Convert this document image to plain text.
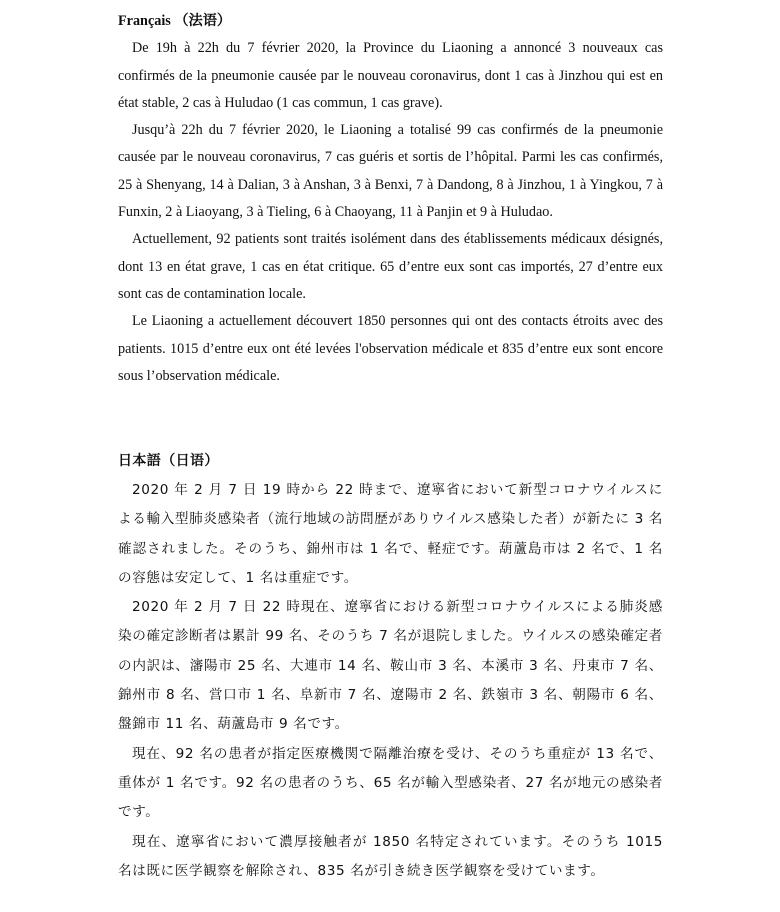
Français （法语）

De 19h à 22h du 7 février 2020, la Province du Liaoning a annoncé 3 nouveaux cas confirmés de la pneumonie causée par le nouveau coronavirus, dont 1 cas à Jinzhou qui est en état stable, 2 cas à Huludao (1 cas commun, 1 cas grave).

Jusqu’à 22h du 7 février 2020, le Liaoning a totalisé 99 cas confirmés de la pneumonie causée par le nouveau coronavirus, 7 cas guéris et sortis de l’hôpital. Parmi les cas confirmés, 25 à Shenyang, 14 à Dalian, 3 à Anshan, 3 à Benxi, 7 à Dandong, 8 à Jinzhou, 1 à Yingkou, 7 à Funxin, 2 à Liaoyang, 3 à Tieling, 6 à Chaoyang, 11 à Panjin et 9 à Huludao.

Actuellement, 92 patients sont traités isolément dans des établissements médicaux désignés, dont 13 en état grave, 1 cas en état critique. 65 d’entre eux sont cas importés, 27 d’entre eux sont cas de contamination locale.

Le Liaoning a actuellement découvert 1850 personnes qui ont des contacts étroits avec des patients. 1015 d’entre eux ont été levées l'observation médicale et 835 d’entre eux sont encore sous l’observation médicale.

日本語（日语）

2020 年 2 月 7 日 19 時から 22 時まで、遼寧省において新型コロナウイルスによる輸入型肺炎感染者（流行地域の訪問歴がありウイルス感染した者）が新たに 3 名確認されました。そのうち、錦州市は 1 名で、軽症です。葫蘆島市は 2 名で、1 名の容態は安定して、1 名は重症です。

2020 年 2 月 7 日 22 時現在、遼寧省における新型コロナウイルスによる肺炎感染の確定診断者は累計 99 名、そのうち 7 名が退院しました。ウイルスの感染確定者の内訳は、瀋陽市 25 名、大連市 14 名、鞍山市 3 名、本溪市 3 名、丹東市 7 名、錦州市 8 名、営口市 1 名、阜新市 7 名、遼陽市 2 名、鉄嶺市 3 名、朝陽市 6 名、盤錦市 11 名、葫蘆島市 9 名です。

現在、92 名の患者が指定医療機関で隔離治療を受け、そのうち重症が 13 名で、重体が 1 名です。92 名の患者のうち、65 名が輸入型感染者、27 名が地元の感染者です。

現在、遼寧省において濃厚接触者が 1850 名特定されています。そのうち 1015 名は既に医学観察を解除され、835 名が引き続き医学観察を受けています。
